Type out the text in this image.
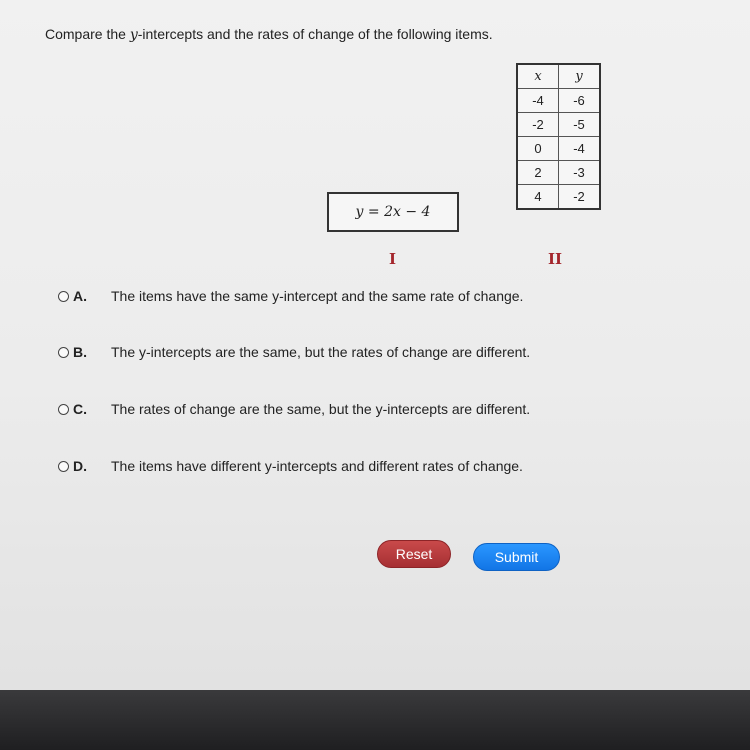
Compare the y-intercepts and the rates of change of the following items.
y = 2x − 4
x	y
-4	-6
-2	-5
0	-4
2	-3
4	-2
I	II
A.	The items have the same y-intercept and the same rate of change.
B.	The y-intercepts are the same, but the rates of change are different.
C.	The rates of change are the same, but the y-intercepts are different.
D.	The items have different y-intercepts and different rates of change.
Reset	Submit
